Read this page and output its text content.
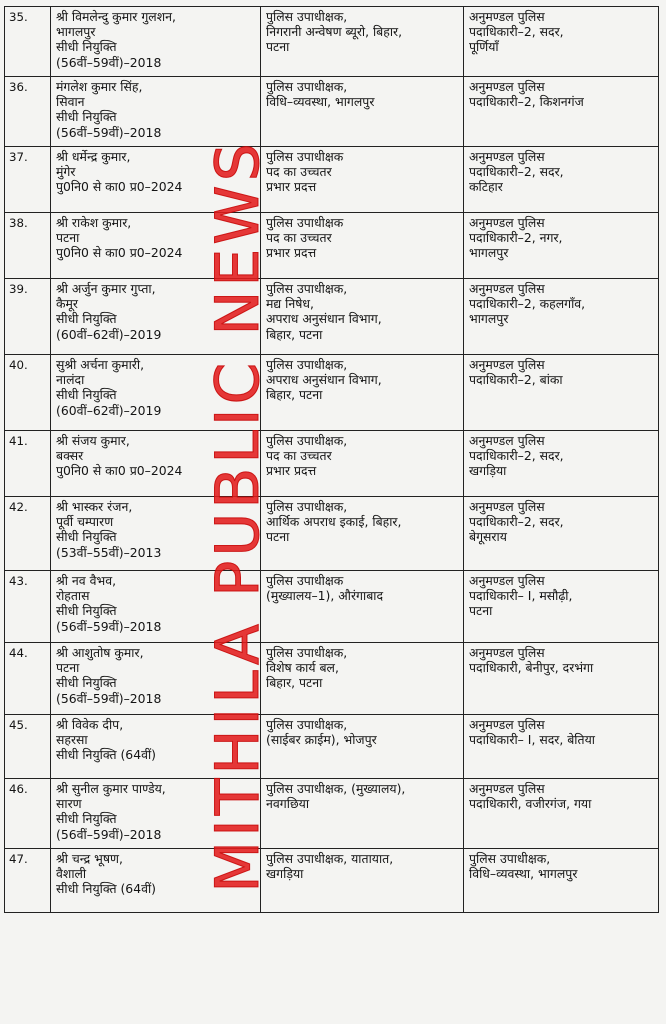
35.	श्री विमलेन्दु कुमार गुलशन,
भागलपुर
सीधी नियुक्ति
(56वीं–59वीं)–2018	पुलिस उपाधीक्षक,
निगरानी अन्वेषण ब्यूरो, बिहार,
पटना	अनुमण्डल पुलिस
पदाधिकारी–2, सदर,
पूर्णियाँ

36.	मंगलेश कुमार सिंह,
सिवान
सीधी नियुक्ति
(56वीं–59वीं)–2018	पुलिस उपाधीक्षक,
विधि–व्यवस्था, भागलपुर	अनुमण्डल पुलिस
पदाधिकारी–2, किशनगंज

37.	श्री धर्मेन्द्र कुमार,
मुंगेर
पु0नि0 से का0 प्र0–2024	पुलिस उपाधीक्षक
पद का उच्चतर
प्रभार प्रदत्त	अनुमण्डल पुलिस
पदाधिकारी–2, सदर,
कटिहार

38.	श्री राकेश कुमार,
पटना
पु0नि0 से का0 प्र0–2024	पुलिस उपाधीक्षक
पद का उच्चतर
प्रभार प्रदत्त	अनुमण्डल पुलिस
पदाधिकारी–2, नगर,
भागलपुर

39.	श्री अर्जुन कुमार गुप्ता,
कैमूर
सीधी नियुक्ति
(60वीं–62वीं)–2019	पुलिस उपाधीक्षक,
मद्य निषेध,
अपराध अनुसंधान विभाग,
बिहार, पटना	अनुमण्डल पुलिस
पदाधिकारी–2, कहलगाँव,
भागलपुर

40.	सुश्री अर्चना कुमारी,
नालंदा
सीधी नियुक्ति
(60वीं–62वीं)–2019	पुलिस उपाधीक्षक,
अपराध अनुसंधान विभाग,
बिहार, पटना	अनुमण्डल पुलिस
पदाधिकारी–2, बांका

41.	श्री संजय कुमार,
बक्सर
पु0नि0 से का0 प्र0–2024	पुलिस उपाधीक्षक,
पद का उच्चतर
प्रभार प्रदत्त	अनुमण्डल पुलिस
पदाधिकारी–2, सदर,
खगड़िया

42.	श्री भास्कर रंजन,
पूर्वी चम्पारण
सीधी नियुक्ति
(53वीं–55वीं)–2013	पुलिस उपाधीक्षक,
आर्थिक अपराध इकाई, बिहार,
पटना	अनुमण्डल पुलिस
पदाधिकारी–2, सदर,
बेगूसराय

43.	श्री नव वैभव,
रोहतास
सीधी नियुक्ति
(56वीं–59वीं)–2018	पुलिस उपाधीक्षक
(मुख्यालय–1), औरंगाबाद	अनुमण्डल पुलिस
पदाधिकारी– I, मसौढ़ी,
पटना

44.	श्री आशुतोष कुमार,
पटना
सीधी नियुक्ति
(56वीं–59वीं)–2018	पुलिस उपाधीक्षक,
विशेष कार्य बल,
बिहार, पटना	अनुमण्डल पुलिस
पदाधिकारी, बेनीपुर, दरभंगा

45.	श्री विवेक दीप,
सहरसा
सीधी नियुक्ति (64वीं)	पुलिस उपाधीक्षक,
(साईबर क्राईम), भोजपुर	अनुमण्डल पुलिस
पदाधिकारी– I, सदर, बेतिया

46.	श्री सुनील कुमार पाण्डेय,
सारण
सीधी नियुक्ति
(56वीं–59वीं)–2018	पुलिस उपाधीक्षक, (मुख्यालय),
नवगछिया	अनुमण्डल पुलिस
पदाधिकारी, वजीरगंज, गया

47.	श्री चन्द्र भूषण,
वैशाली
सीधी नियुक्ति (64वीं)	पुलिस उपाधीक्षक, यातायात,
खगड़िया	पुलिस उपाधीक्षक,
विधि–व्यवस्था, भागलपुर
MITHILA PUBLIC NEWS
